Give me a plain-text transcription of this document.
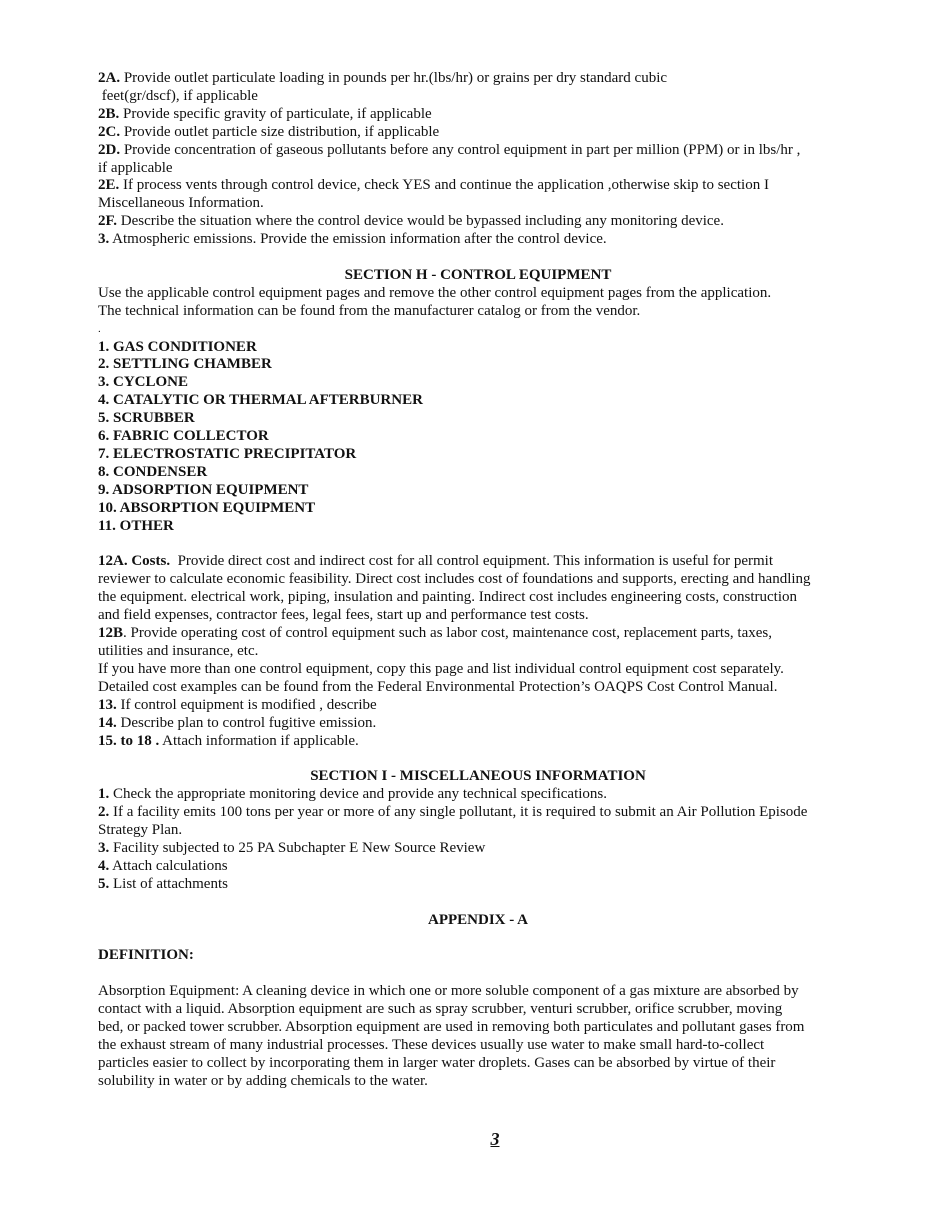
2A. Provide outlet particulate loading in pounds per hr.(lbs/hr) or grains per dry standard cubic
feet(gr/dscf), if applicable
2B. Provide specific gravity of particulate, if applicable
2C. Provide outlet particle size distribution, if applicable
2D. Provide concentration of gaseous pollutants before any control equipment in part per million (PPM) or in lbs/hr ,
if applicable
2E. If process vents through control device, check YES and continue the application ,otherwise skip to section I
Miscellaneous Information.
2F. Describe the situation where the control device would be bypassed including any monitoring device.
3. Atmospheric emissions. Provide the emission information after the control device.
SECTION H - CONTROL EQUIPMENT
Use the applicable control equipment pages and remove the other control equipment pages from the application.
The technical information can be found from the manufacturer catalog or from the vendor.
.
1. GAS CONDITIONER
2. SETTLING CHAMBER
3. CYCLONE
4. CATALYTIC OR THERMAL AFTERBURNER
5. SCRUBBER
6. FABRIC COLLECTOR
7. ELECTROSTATIC PRECIPITATOR
8. CONDENSER
9. ADSORPTION EQUIPMENT
10. ABSORPTION EQUIPMENT
11. OTHER
12A. Costs.  Provide direct cost and indirect cost for all control equipment. This information is useful for permit
reviewer to calculate economic feasibility. Direct cost includes cost of foundations and supports, erecting and handling
the equipment. electrical work, piping, insulation and painting. Indirect cost includes engineering costs, construction
and field expenses, contractor fees, legal fees, start up and performance test costs.
12B. Provide operating cost of control equipment such as labor cost, maintenance cost, replacement parts, taxes,
utilities and insurance, etc.
If you have more than one control equipment, copy this page and list individual control equipment cost separately.
Detailed cost examples can be found from the Federal Environmental Protection’s OAQPS Cost Control Manual.
13. If control equipment is modified , describe
14. Describe plan to control fugitive emission.
15. to 18 . Attach information if applicable.
SECTION I - MISCELLANEOUS INFORMATION
1. Check the appropriate monitoring device and provide any technical specifications.
2. If a facility emits 100 tons per year or more of any single pollutant, it is required to submit an Air Pollution Episode
Strategy Plan.
3. Facility subjected to 25 PA Subchapter E New Source Review
4. Attach calculations
5. List of attachments
APPENDIX - A
DEFINITION:
Absorption Equipment: A cleaning device in which one or more soluble component of a gas mixture are absorbed by
contact with a liquid. Absorption equipment are such as spray scrubber, venturi scrubber, orifice scrubber, moving
bed, or packed tower scrubber. Absorption equipment are used in removing both particulates and pollutant gases from
the exhaust stream of many industrial processes. These devices usually use water to make small hard-to-collect
particles easier to collect by incorporating them in larger water droplets. Gases can be absorbed by virtue of their
solubility in water or by adding chemicals to the water.
3
